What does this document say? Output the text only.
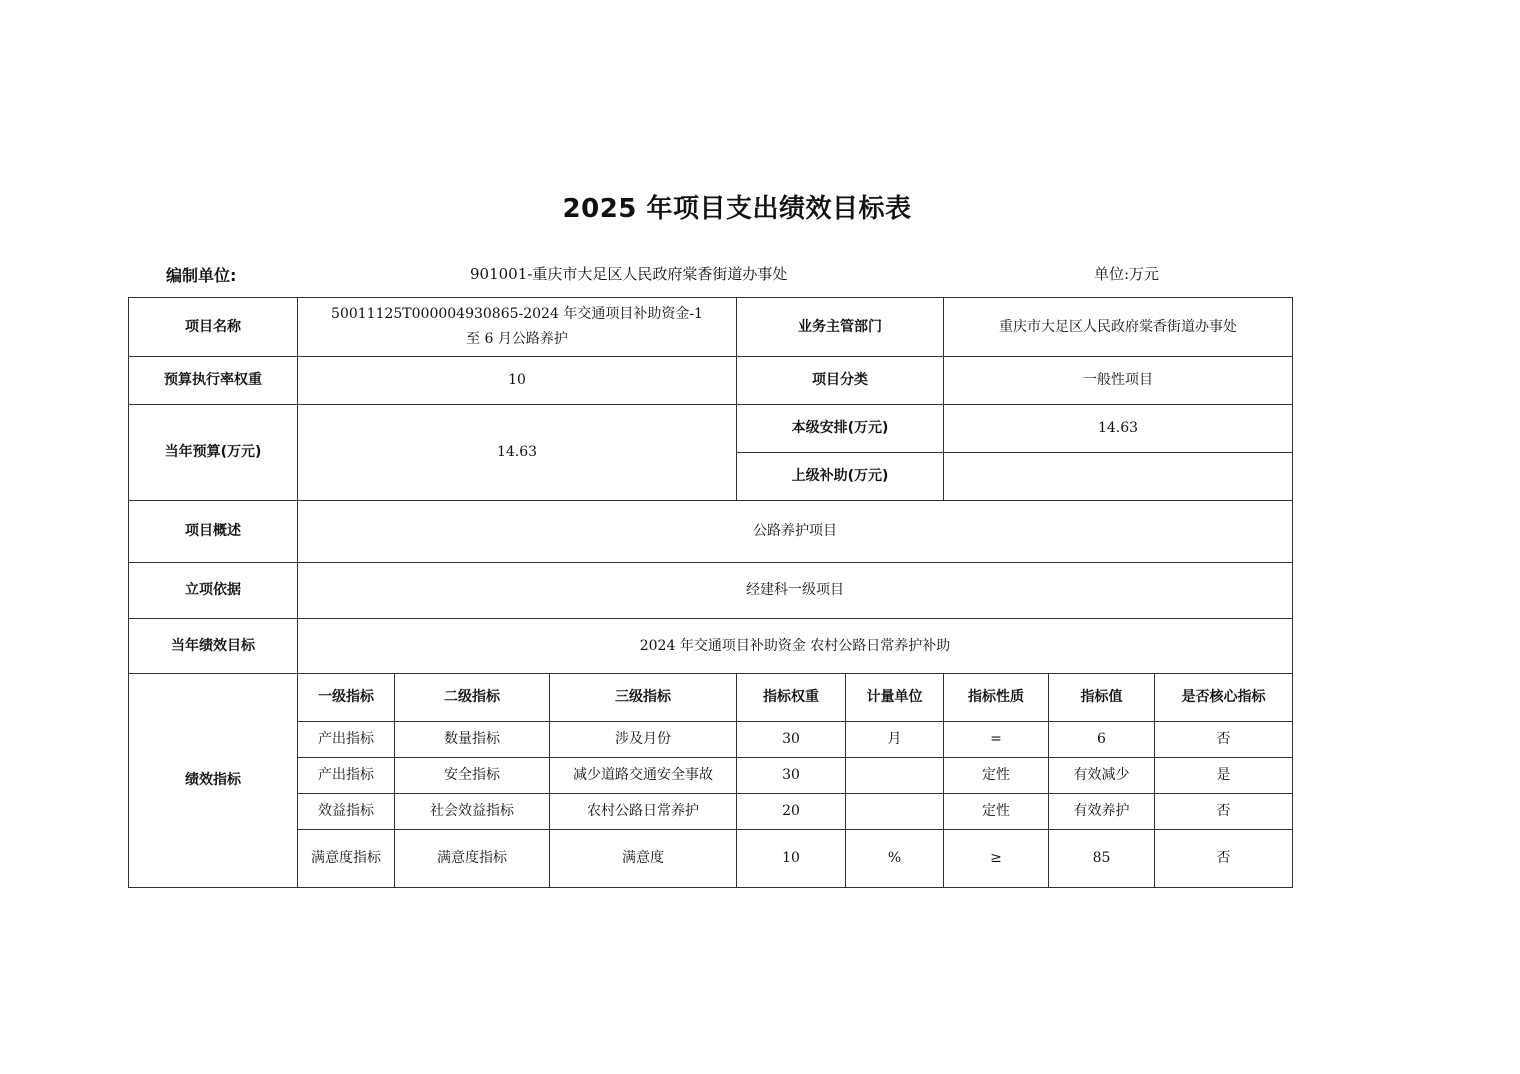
2025 年项目支出绩效目标表
编制单位:	901001-重庆市大足区人民政府棠香街道办事处	单位:万元
项目名称	50011125T000004930865-2024 年交通项目补助资金-1
至 6 月公路养护			业务主管部门		重庆市大足区人民政府棠香街道办事处		
预算执行率权重	10			项目分类		一般性项目		
当年预算(万元)	14.63			本级安排(万元)		14.63		
				上级补助(万元)				
项目概述	公路养护项目							
立项依据	经建科一级项目							
当年绩效目标	2024 年交通项目补助资金 农村公路日常养护补助							
绩效指标	一级指标	二级指标	三级指标	指标权重	计量单位	指标性质	指标值	是否核心指标
	产出指标	数量指标	涉及月份	30	月	=	6	否
	产出指标	安全指标	减少道路交通安全事故	30		定性	有效减少	是
	效益指标	社会效益指标	农村公路日常养护	20		定性	有效养护	否
	满意度指标	满意度指标	满意度	10	%	≥	85	否
